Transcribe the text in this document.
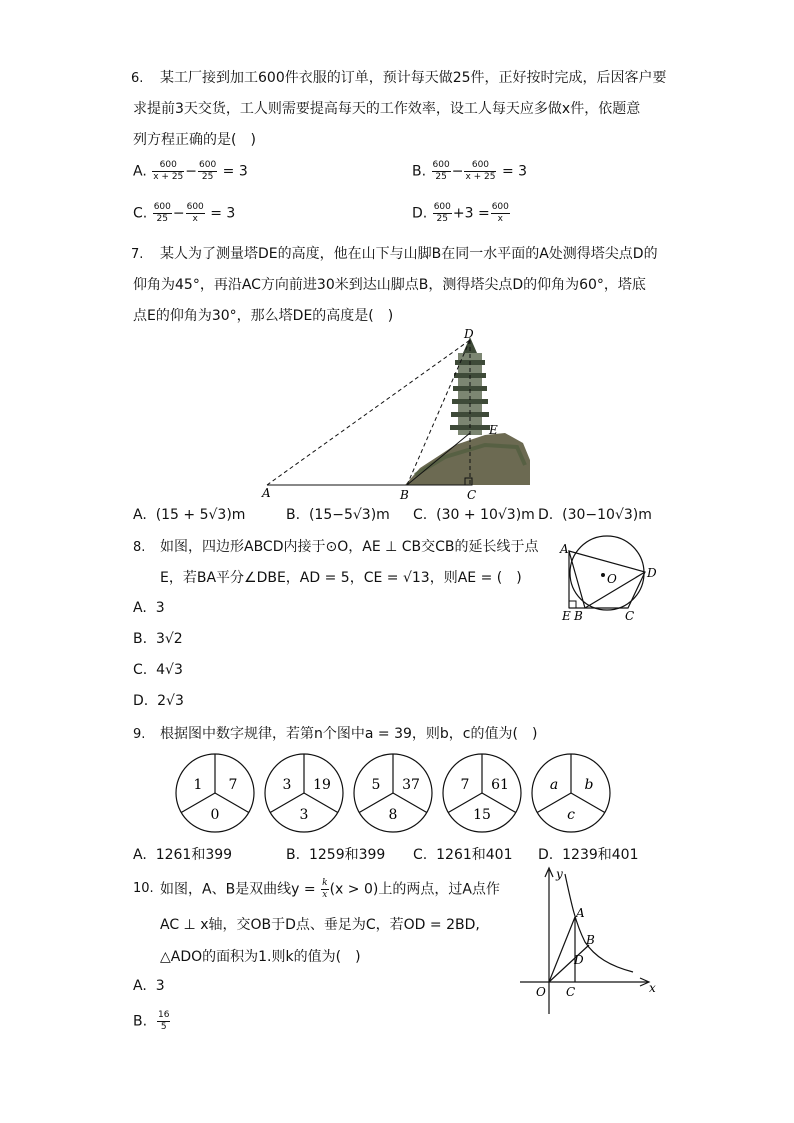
6. 某工厂接到加工600件衣服的订单，预计每天做25件，正好按时完成，后因客户要
求提前3天交货，工人则需要提高每天的工作效率，设工人每天应多做x件，依题意
列方程正确的是(　)
A. $\frac{600}{x + 25} - \frac{600}{25} = 3$	B. $\frac{600}{25} - \frac{600}{x + 25} = 3$
C. $\frac{600}{25} - \frac{600}{x} = 3$	D. $\frac{600}{25} +3 = \frac{600}{x}$
7. 某人为了测量塔DE的高度，他在山下与山脚B在同一水平面的A处测得塔尖点D的
仰角为45°，再沿AC方向前进30米到达山脚点B，测得塔尖点D的仰角为60°，塔底
点E的仰角为30°，那么塔DE的高度是(　)
D
E
A	B	C
A. (15 + 5√3)m	B. (15−5√3)m C. (30 + 10√3)m D. (30−10√3)m
8. 如图，四边形ABCD内接于⊙O，AE ⊥ CB交CB的延长线于点
E，若BA平分∠DBE，AD = 5，CE = √13，则AE = (　)
A
D
O
E B	C
A. 3
B. 3√2
C. 4√3
D. 2√3
9. 根据图中数字规律，若第n个图中a = 39，则b，c的值为(　)
1 7
0
3 19
3
5 37
8
7 61
15
a b
c
A. 1261和399	B. 1259和399 C. 1261和401 D. 1239和401
10. 如图，A、B是双曲线$y = \frac{k}{x} (x > 0)$上的两点，过A点作
AC ⊥ x轴，交OB于D点、垂足为C，若OD = 2BD,
△ADO的面积为1.则k的值为(　)
O
y
x
A
B
D
C
A. 3
B. $\frac{16}{5}$
